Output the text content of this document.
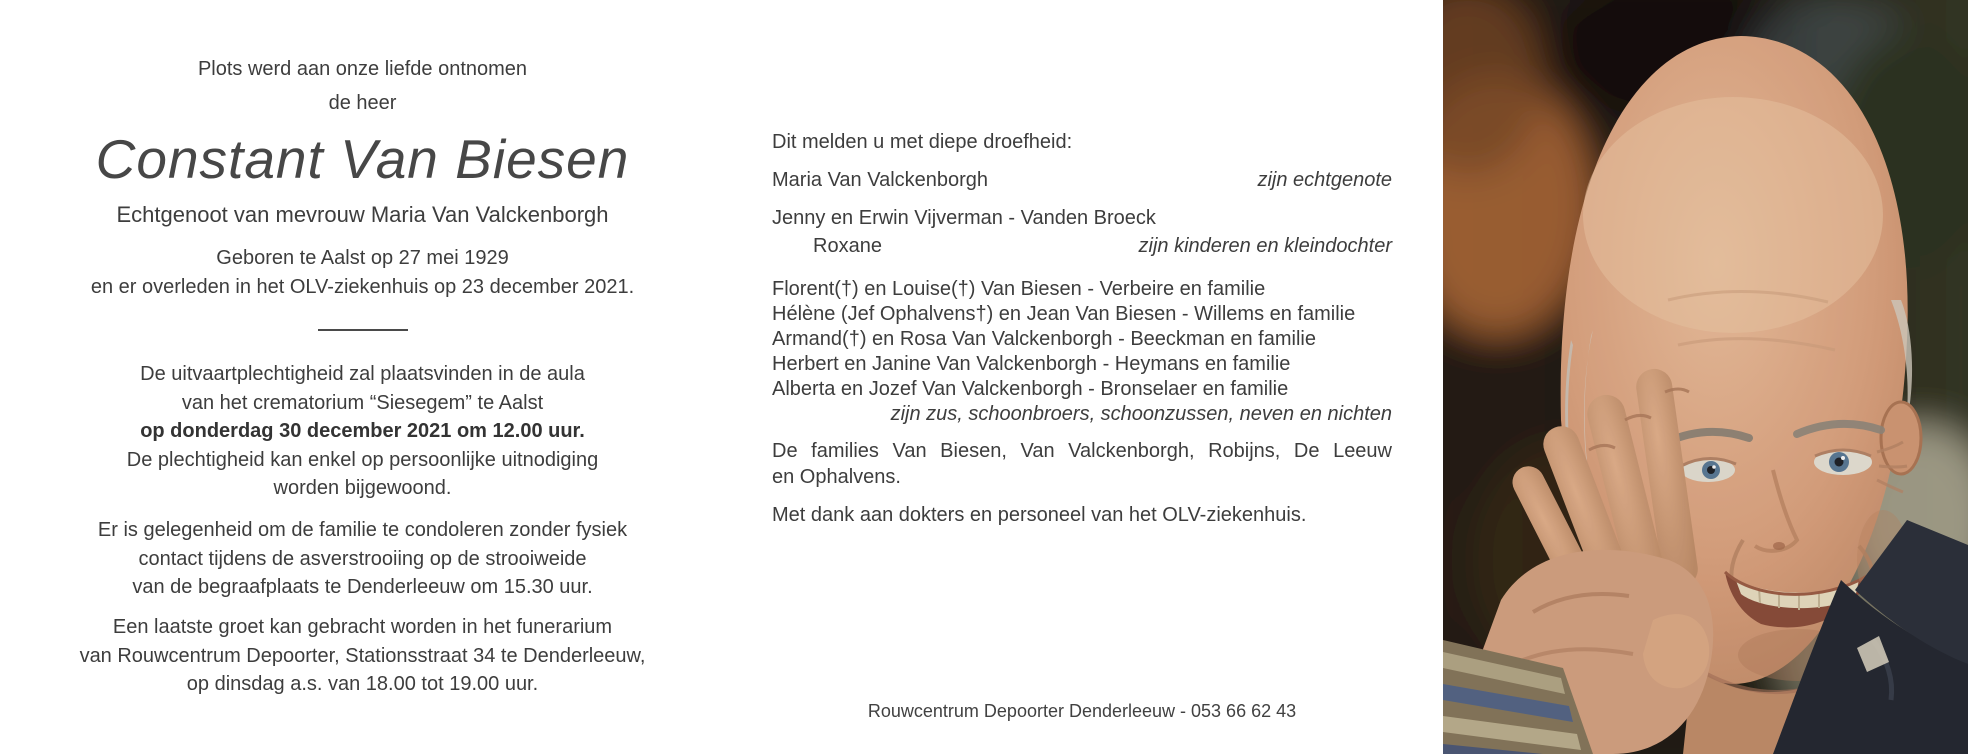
Plots werd aan onze liefde ontnomen
de heer
Constant Van Biesen
Echtgenoot van mevrouw Maria Van Valckenborgh
Geboren te Aalst op 27 mei 1929
en er overleden in het OLV-ziekenhuis op 23 december 2021.
De uitvaartplechtigheid zal plaatsvinden in de aula
van het crematorium “Siesegem” te Aalst
op donderdag 30 december 2021 om 12.00 uur.
De plechtigheid kan enkel op persoonlijke uitnodiging
worden bijgewoond.
Er is gelegenheid om de familie te condoleren zonder fysiek
contact tijdens de asverstrooiing op de strooiweide
van de begraafplaats te Denderleeuw om 15.30 uur.
Een laatste groet kan gebracht worden in het funerarium
van Rouwcentrum Depoorter, Stationsstraat 34 te Denderleeuw,
op dinsdag a.s. van 18.00 tot 19.00 uur.
Dit melden u met diepe droefheid:
Maria Van Valckenborgh	zijn echtgenote
Jenny en Erwin Vijverman - Vanden Broeck
Roxane	zijn kinderen en kleindochter
Florent(†) en Louise(†) Van Biesen - Verbeire en familie
Hélène (Jef Ophalvens†) en Jean Van Biesen - Willems en familie
Armand(†) en Rosa Van Valckenborgh - Beeckman en familie
Herbert en Janine Van Valckenborgh - Heymans en familie
Alberta en Jozef Van Valckenborgh - Bronselaer en familie
zijn zus, schoonbroers, schoonzussen, neven en nichten
De families Van Biesen, Van Valckenborgh, Robijns, De Leeuw
en Ophalvens.
Met dank aan dokters en personeel van het OLV-ziekenhuis.
Rouwcentrum Depoorter Denderleeuw - 053 66 62 43
